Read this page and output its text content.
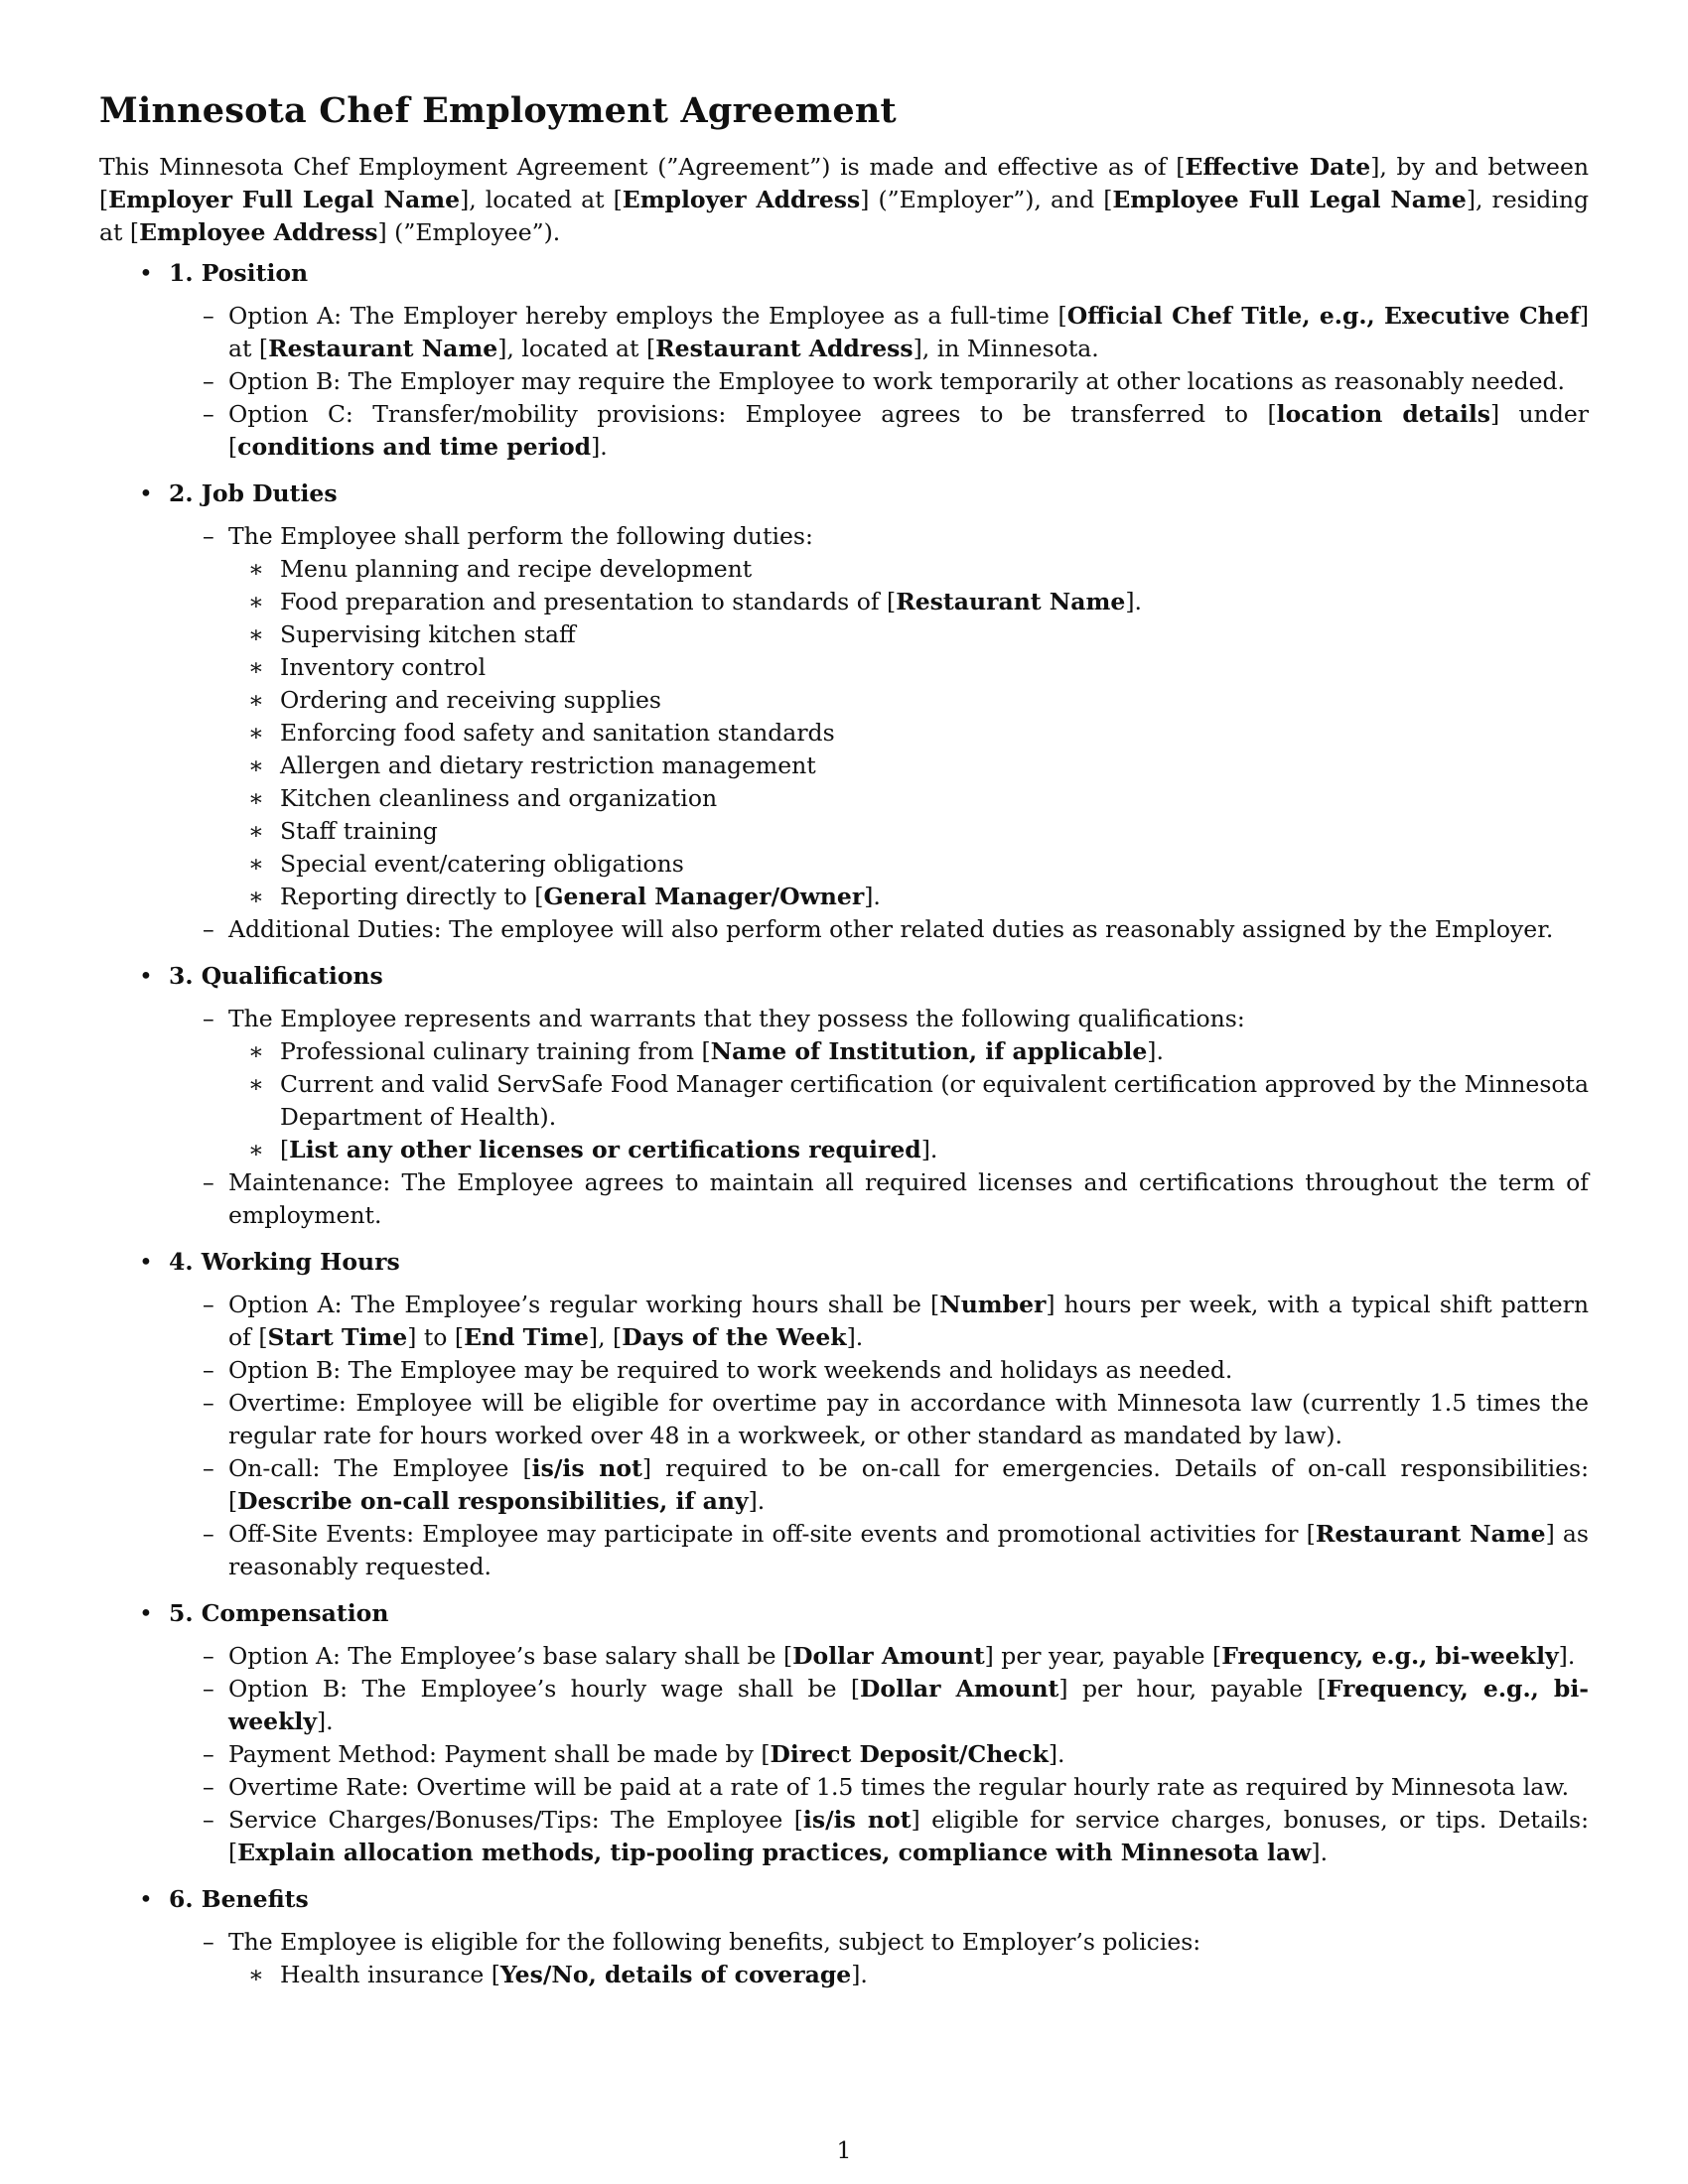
Minnesota Chef Employment Agreement

This Minnesota Chef Employment Agreement (”Agreement”) is made and effective as of [Effective Date], by and between [Employer Full Legal Name], located at [Employer Address] (”Employer”), and [Employee Full Legal Name], residing at [Employee Address] (”Employee”).

• 1. Position
– Option A: The Employer hereby employs the Employee as a full-time [Official Chef Title, e.g., Executive Chef] at [Restaurant Name], located at [Restaurant Address], in Minnesota.
– Option B: The Employer may require the Employee to work temporarily at other locations as reasonably needed.
– Option C: Transfer/mobility provisions: Employee agrees to be transferred to [location details] under [conditions and time period].
• 2. Job Duties
– The Employee shall perform the following duties:
∗ Menu planning and recipe development
∗ Food preparation and presentation to standards of [Restaurant Name].
∗ Supervising kitchen staff
∗ Inventory control
∗ Ordering and receiving supplies
∗ Enforcing food safety and sanitation standards
∗ Allergen and dietary restriction management
∗ Kitchen cleanliness and organization
∗ Staff training
∗ Special event/catering obligations
∗ Reporting directly to [General Manager/Owner].
– Additional Duties: The employee will also perform other related duties as reasonably assigned by the Employer.
• 3. Qualifications
– The Employee represents and warrants that they possess the following qualifications:
∗ Professional culinary training from [Name of Institution, if applicable].
∗ Current and valid ServSafe Food Manager certification (or equivalent certification approved by the Minnesota Department of Health).
∗ [List any other licenses or certifications required].
– Maintenance: The Employee agrees to maintain all required licenses and certifications throughout the term of employment.
• 4. Working Hours
– Option A: The Employee’s regular working hours shall be [Number] hours per week, with a typical shift pattern of [Start Time] to [End Time], [Days of the Week].
– Option B: The Employee may be required to work weekends and holidays as needed.
– Overtime: Employee will be eligible for overtime pay in accordance with Minnesota law (currently 1.5 times the regular rate for hours worked over 48 in a workweek, or other standard as mandated by law).
– On-call: The Employee [is/is not] required to be on-call for emergencies. Details of on-call responsibilities: [Describe on-call responsibilities, if any].
– Off-Site Events: Employee may participate in off-site events and promotional activities for [Restaurant Name] as reasonably requested.
• 5. Compensation
– Option A: The Employee’s base salary shall be [Dollar Amount] per year, payable [Frequency, e.g., bi-weekly].
– Option B: The Employee’s hourly wage shall be [Dollar Amount] per hour, payable [Frequency, e.g., bi-weekly].
– Payment Method: Payment shall be made by [Direct Deposit/Check].
– Overtime Rate: Overtime will be paid at a rate of 1.5 times the regular hourly rate as required by Minnesota law.
– Service Charges/Bonuses/Tips: The Employee [is/is not] eligible for service charges, bonuses, or tips. Details: [Explain allocation methods, tip-pooling practices, compliance with Minnesota law].
• 6. Benefits
– The Employee is eligible for the following benefits, subject to Employer’s policies:
∗ Health insurance [Yes/No, details of coverage].
1
